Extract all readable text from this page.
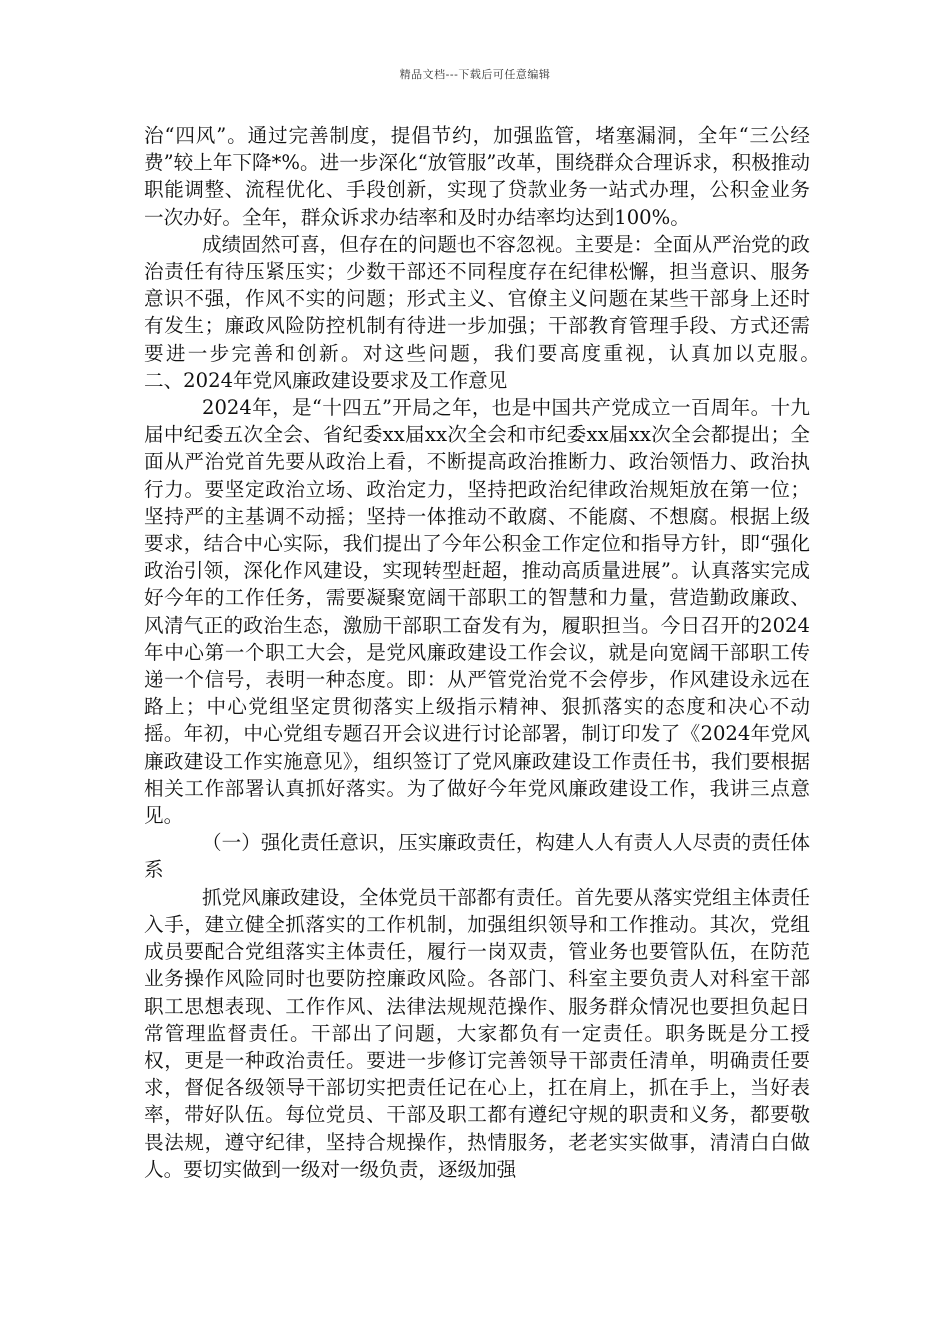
精品文档---下载后可任意编辑

治“四风”。通过完善制度，提倡节约，加强监管，堵塞漏洞，全年“三公经费”较上年下降*%。进一步深化“放管服”改革，围绕群众合理诉求，积极推动职能调整、流程优化、手段创新，实现了贷款业务一站式办理，公积金业务一次办好。全年，群众诉求办结率和及时办结率均达到100%。

成绩固然可喜，但存在的问题也不容忽视。主要是：全面从严治党的政治责任有待压紧压实；少数干部还不同程度存在纪律松懈，担当意识、服务意识不强，作风不实的问题；形式主义、官僚主义问题在某些干部身上还时有发生；廉政风险防控机制有待进一步加强；干部教育管理手段、方式还需要进一步完善和创新。对这些问题，我们要高度重视，认真加以克服。　　　二、2024年党风廉政建设要求及工作意见

2024年，是“十四五”开局之年，也是中国共产党成立一百周年。十九届中纪委五次全会、省纪委xx届xx次全会和市纪委xx届xx次全会都提出；全面从严治党首先要从政治上看，不断提高政治推断力、政治领悟力、政治执行力。要坚定政治立场、政治定力，坚持把政治纪律政治规矩放在第一位；坚持严的主基调不动摇；坚持一体推动不敢腐、不能腐、不想腐。根据上级要求，结合中心实际，我们提出了今年公积金工作定位和指导方针，即“强化政治引领，深化作风建设，实现转型赶超，推动高质量进展”。认真落实完成好今年的工作任务，需要凝聚宽阔干部职工的智慧和力量，营造勤政廉政、风清气正的政治生态，激励干部职工奋发有为，履职担当。今日召开的2024年中心第一个职工大会，是党风廉政建设工作会议，就是向宽阔干部职工传递一个信号，表明一种态度。即：从严管党治党不会停步，作风建设永远在路上；中心党组坚定贯彻落实上级指示精神、狠抓落实的态度和决心不动摇。年初，中心党组专题召开会议进行讨论部署，制订印发了《2024年党风廉政建设工作实施意见》，组织签订了党风廉政建设工作责任书，我们要根据相关工作部署认真抓好落实。为了做好今年党风廉政建设工作，我讲三点意见。

（一）强化责任意识，压实廉政责任，构建人人有责人人尽责的责任体系

抓党风廉政建设，全体党员干部都有责任。首先要从落实党组主体责任入手，建立健全抓落实的工作机制，加强组织领导和工作推动。其次，党组成员要配合党组落实主体责任，履行一岗双责，管业务也要管队伍，在防范业务操作风险同时也要防控廉政风险。各部门、科室主要负责人对科室干部职工思想表现、工作作风、法律法规规范操作、服务群众情况也要担负起日常管理监督责任。干部出了问题，大家都负有一定责任。职务既是分工授权，更是一种政治责任。要进一步修订完善领导干部责任清单，明确责任要求，督促各级领导干部切实把责任记在心上，扛在肩上，抓在手上，当好表率，带好队伍。每位党员、干部及职工都有遵纪守规的职责和义务，都要敬畏法规，遵守纪律，坚持合规操作，热情服务，老老实实做事，清清白白做人。要切实做到一级对一级负责，逐级加强
